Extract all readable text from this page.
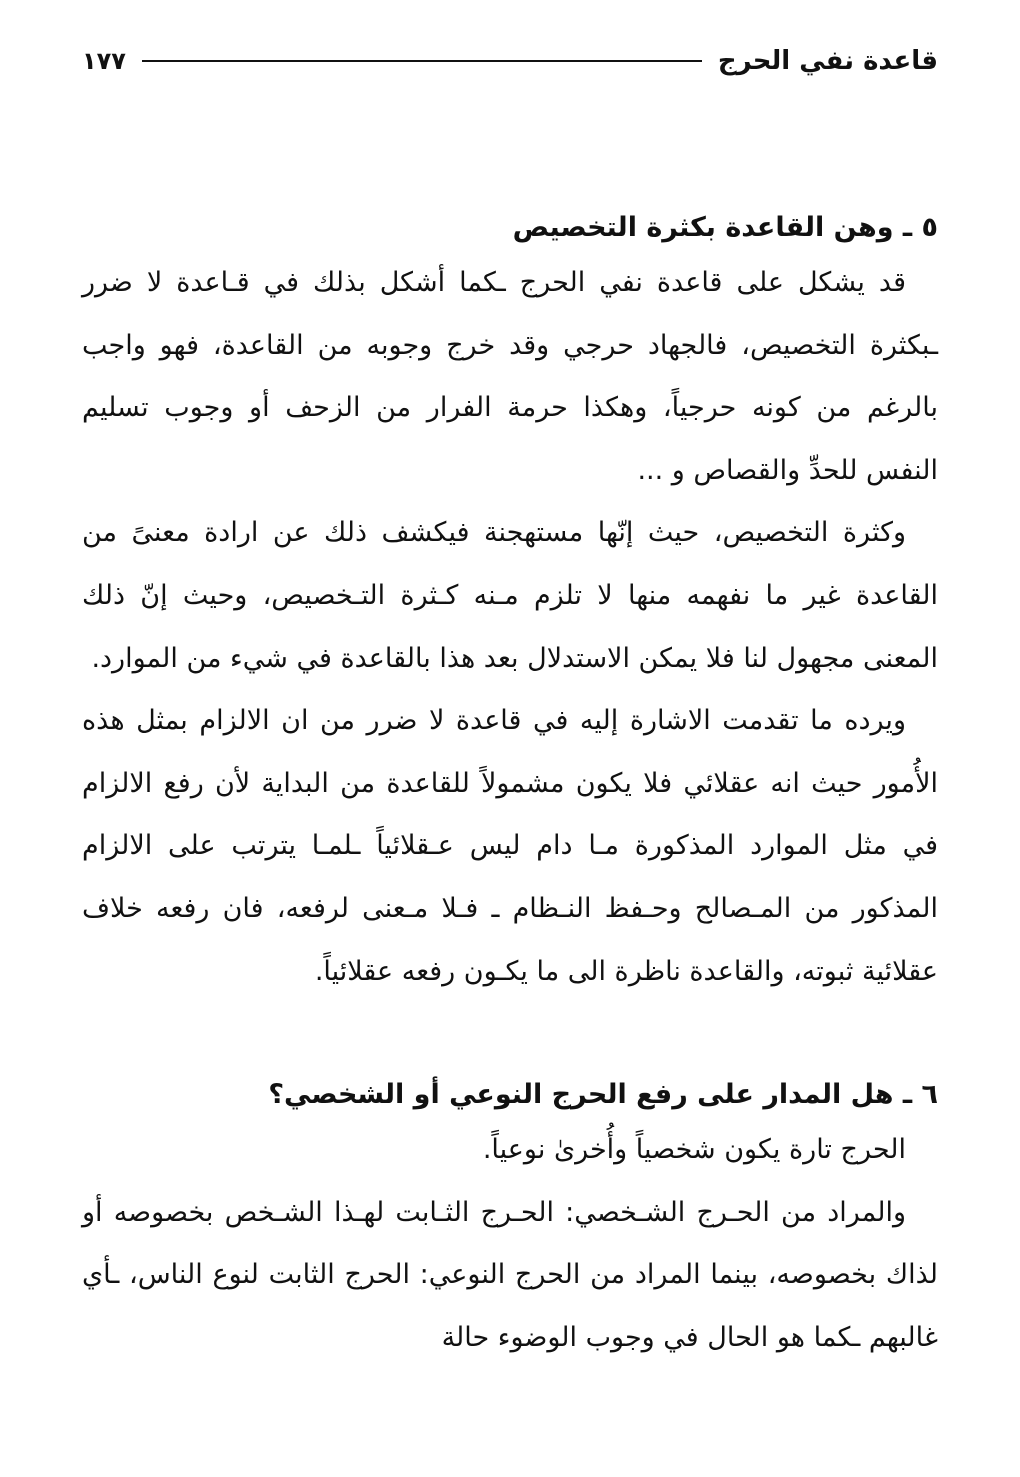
قاعدة نفي الحرج
١٧٧
٥ ـ وهن القاعدة بكثرة التخصيص

قد يشكل على قاعدة نفي الحرج ـكما أشكل بذلك في قـاعدة لا ضرر ـبكثرة التخصيص، فالجهاد حرجي وقد خرج وجوبه من القاعدة، فهو واجب بالرغم من كونه حرجياً، وهكذا حرمة الفرار من الزحف أو وجوب تسليم النفس للحدِّ والقصاص و ...

وكثرة التخصيص، حيث إنّها مستهجنة فيكشف ذلك عن ارادة معنىً من القاعدة غير ما نفهمه منها لا تلزم مـنه كـثرة التـخصيص، وحيث إنّ ذلك المعنى مجهول لنا فلا يمكن الاستدلال بعد هذا بالقاعدة في شيء من الموارد.

ويرده ما تقدمت الاشارة إليه في قاعدة لا ضرر من ان الالزام بمثل هذه الأُمور حيث انه عقلائي فلا يكون مشمولاً للقاعدة من البداية لأن رفع الالزام في مثل الموارد المذكورة مـا دام ليس عـقلائياً ـلمـا يترتب على الالزام المذكور من المـصالح وحـفظ النـظام ـ فـلا مـعنى لرفعه، فان رفعه خلاف عقلائية ثبوته، والقاعدة ناظرة الى ما يكـون رفعه عقلائياً.

٦ ـ هل المدار على رفع الحرج النوعي أو الشخصي؟

الحرج تارة يكون شخصياً وأُخرىٰ نوعياً.

والمراد من الحـرج الشـخصي: الحـرج الثـابت لهـذا الشـخص بخصوصه أو لذاك بخصوصه، بينما المراد من الحرج النوعي: الحرج الثابت لنوع الناس، ـأي غالبهم ـكما هو الحال في وجوب الوضوء حالة
